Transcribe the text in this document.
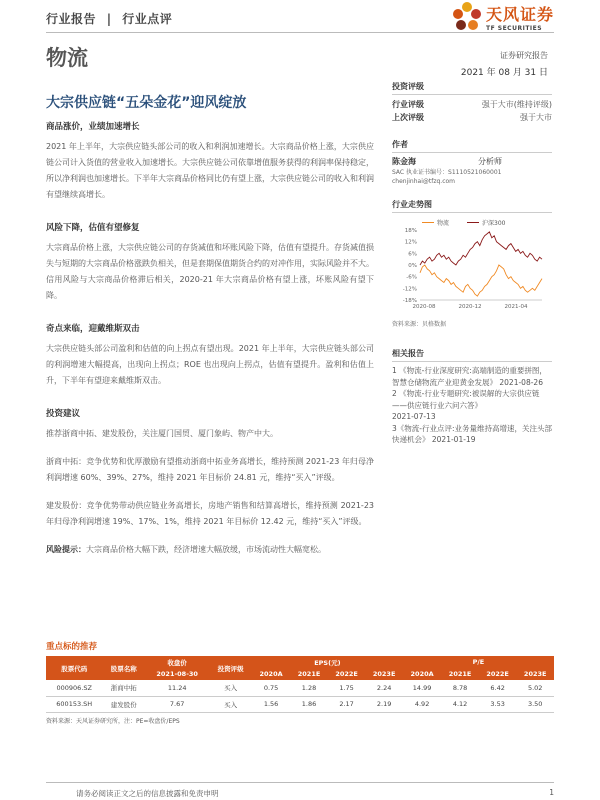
行业报告 | 行业点评	天风证券
TF SECURITIES
物流	证券研究报告
2021 年 08 月 31 日
大宗供应链“五朵金花”迎风绽放
商品涨价，业绩加速增长

2021 年上半年，大宗供应链头部公司的收入和利润加速增长。大宗商品价格上涨，大宗供应链公司计入货值的营业收入加速增长。大宗供应链公司依靠增值服务获得的利润率保持稳定，所以净利润也加速增长。下半年大宗商品价格同比仍有望上涨，大宗供应链公司的收入和利润有望继续高增长。

风险下降，估值有望修复

大宗商品价格上涨，大宗供应链公司的存货减值和坏账风险下降，估值有望提升。存货减值损失与短期的大宗商品价格涨跌负相关，但是套期保值期货合约的对冲作用，实际风险并不大。信用风险与大宗商品价格滞后相关，2020-21 年大宗商品价格有望上涨，坏账风险有望下降。

奇点来临，迎戴维斯双击

大宗供应链头部公司盈利和估值的向上拐点有望出现。2021 年上半年，大宗供应链头部公司的利润增速大幅提高，出现向上拐点；ROE 也出现向上拐点，估值有望提升。盈利和估值上升，下半年有望迎来戴维斯双击。

投资建议

推荐浙商中拓、建发股份，关注厦门国贸、厦门象屿、物产中大。

浙商中拓：竞争优势和优厚激励有望推动浙商中拓业务高增长，维持预测 2021-23 年归母净利润增速 60%、39%、27%，维持 2021 年目标价 24.81 元，维持“买入”评级。

建发股份：竞争优势带动供应链业务高增长，房地产销售和结算高增长，维持预测 2021-23 年归母净利润增速 19%、17%、1%，维持 2021 年目标价 12.42 元，维持“买入”评级。

风险提示：大宗商品价格大幅下跌，经济增速大幅放缓，市场流动性大幅宽松。

投资评级
行业评级	强于大市(维持评级)
上次评级	强于大市
作者
陈金海	分析师
SAC 执业证书编号：S1110521060001
chenjinhai@tfzq.com
行业走势图
物流	沪深300
18%
12%
6%
0%
-6%
-12%
-18%
2020-08	2020-12	2021-04
资料来源：贝格数据
相关报告
1 《物流-行业深度研究:高端制造的重要拼图，智慧仓储物流产业迎黄金发展》 2021-08-26
2 《物流-行业专题研究:被误解的大宗供应链——供应链行业六问六答》
2021-07-13
3《物流-行业点评:业务量维持高增速，关注头部快递机会》 2021-01-19
重点标的推荐
股票代码	股票名称	收盘价	投资评级	EPS(元)				P/E			
		2021-08-30		2020A	2021E	2022E	2023E	2020A	2021E	2022E	2023E
000906.SZ	浙商中拓	11.24	买入	0.75	1.28	1.75	2.24	14.99	8.78	6.42	5.02
600153.SH	建发股份	7.67	买入	1.56	1.86	2.17	2.19	4.92	4.12	3.53	3.50
资料来源：天风证券研究所，注：PE=收盘价/EPS
请务必阅读正文之后的信息披露和免责申明	1
